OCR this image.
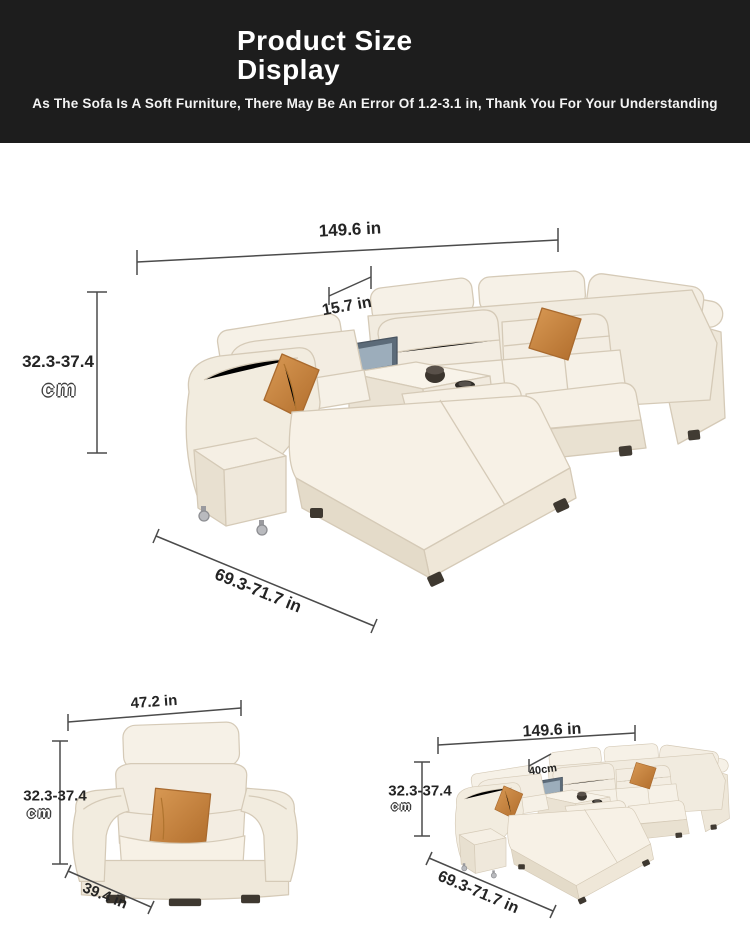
Product Size
Display
As The Sofa Is A Soft Furniture, There May Be An Error Of 1.2-3.1 in, Thank You For Your Understanding
149.6 in
15.7 in
32.3-37.4
cm
69.3-71.7 in
47.2 in
32.3-37.4
cm
39.4 in
149.6 in
40cm
32.3-37.4
cm
69.3-71.7 in
